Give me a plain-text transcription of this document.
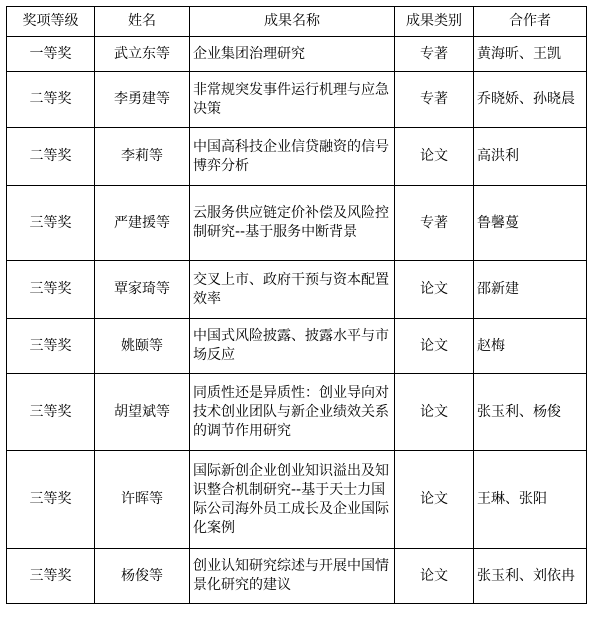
奖项等级	姓名	成果名称	成果类别	合作者
一等奖	武立东等	企业集团治理研究	专著	黄海昕、王凯
二等奖	李勇建等	非常规突发事件运行机理与应急决策	专著	乔晓娇、孙晓晨
二等奖	李莉等	中国高科技企业信贷融资的信号博弈分析	论文	高洪利
三等奖	严建援等	云服务供应链定价补偿及风险控制研究--基于服务中断背景	专著	鲁馨蔓
三等奖	覃家琦等	交叉上市、政府干预与资本配置效率	论文	邵新建
三等奖	姚颐等	中国式风险披露、披露水平与市场反应	论文	赵梅
三等奖	胡望斌等	同质性还是异质性：创业导向对技术创业团队与新企业绩效关系的调节作用研究	论文	张玉利、杨俊
三等奖	许晖等	国际新创企业创业知识溢出及知识整合机制研究--基于天士力国际公司海外员工成长及企业国际化案例	论文	王琳、张阳
三等奖	杨俊等	创业认知研究综述与开展中国情景化研究的建议	论文	张玉利、刘依冉
